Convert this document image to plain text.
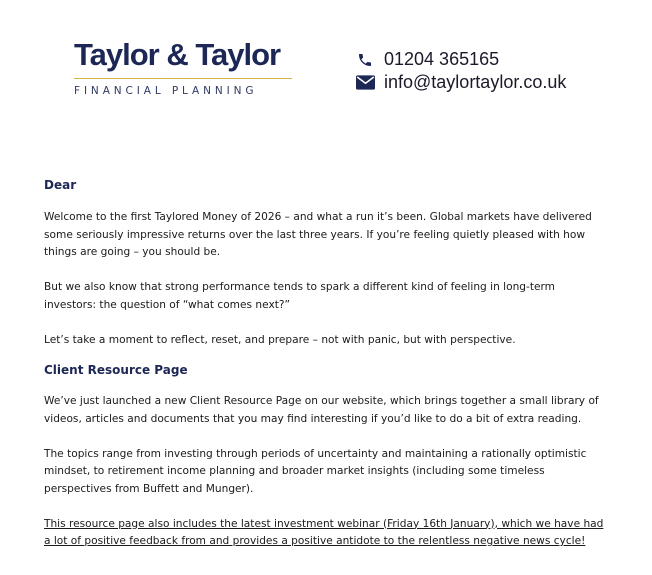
Taylor & Taylor
FINANCIAL PLANNING
01204 365165
info@taylortaylor.co.uk
Dear

Welcome to the first Taylored Money of 2026 – and what a run it’s been. Global markets have delivered some seriously impressive returns over the last three years. If you’re feeling quietly pleased with how things are going – you should be.

But we also know that strong performance tends to spark a different kind of feeling in long-term investors: the question of “what comes next?”

Let’s take a moment to reflect, reset, and prepare – not with panic, but with perspective.

Client Resource Page

We’ve just launched a new Client Resource Page on our website, which brings together a small library of videos, articles and documents that you may find interesting if you’d like to do a bit of extra reading.

The topics range from investing through periods of uncertainty and maintaining a rationally optimistic mindset, to retirement income planning and broader market insights (including some timeless perspectives from Buffett and Munger).

This resource page also includes the latest investment webinar (Friday 16th January), which we have had a lot of positive feedback from and provides a positive antidote to the relentless negative news cycle!
